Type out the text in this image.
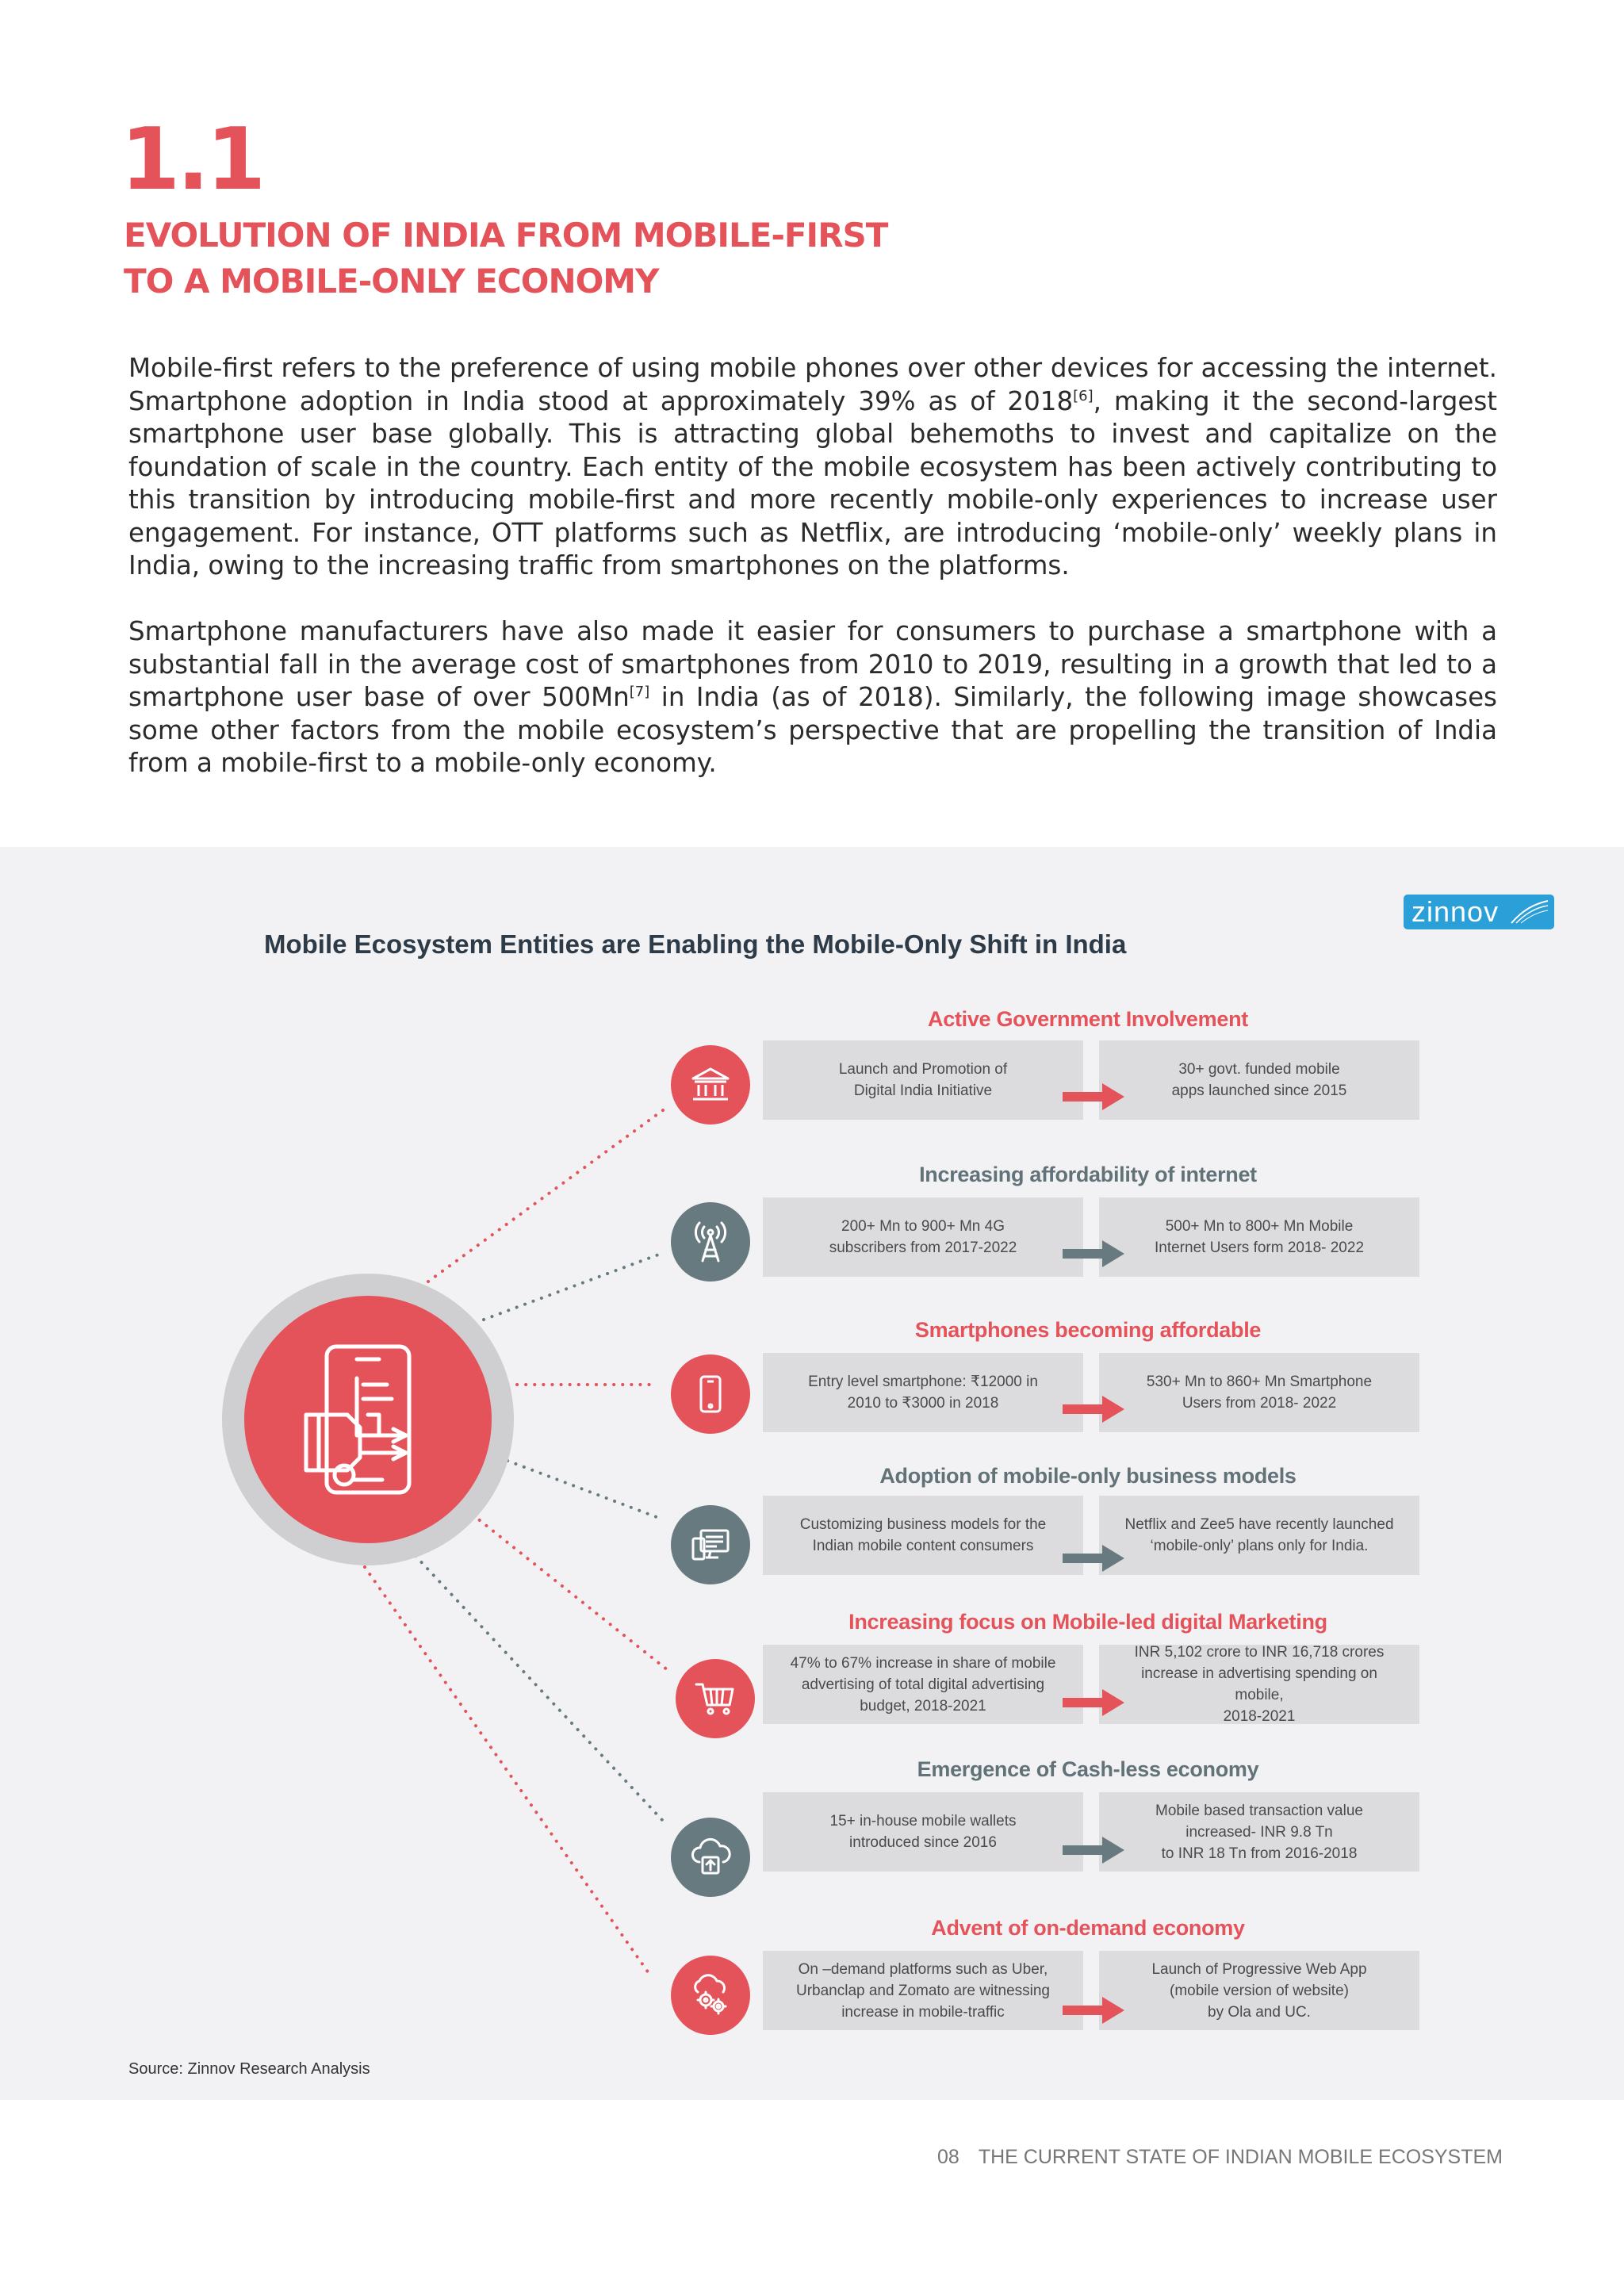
1.1
EVOLUTION OF INDIA FROM MOBILE-FIRST
TO A MOBILE-ONLY ECONOMY

Mobile-first refers to the preference of using mobile phones over other devices for accessing the internet. Smartphone adoption in India stood at approximately 39% as of 2018[6], making it the second-largest smartphone user base globally. This is attracting global behemoths to invest and capitalize on the foundation of scale in the country. Each entity of the mobile ecosystem has been actively contributing to this transition by introducing mobile-first and more recently mobile-only experiences to increase user engagement. For instance, OTT platforms such as Netflix, are introducing ‘mobile-only’ weekly plans in India, owing to the increasing traffic from smartphones on the platforms.

Smartphone manufacturers have also made it easier for consumers to purchase a smartphone with a substantial fall in the average cost of smartphones from 2010 to 2019, resulting in a growth that led to a smartphone user base of over 500Mn[7] in India (as of 2018). Similarly, the following image showcases some other factors from the mobile ecosystem’s perspective that are propelling the transition of India from a mobile-first to a mobile-only economy.

Mobile Ecosystem Entities are Enabling the Mobile-Only Shift in India
zinnov
Active Government Involvement
Launch and Promotion of
Digital India Initiative
30+ govt. funded mobile
apps launched since 2015
Increasing affordability of internet
200+ Mn to 900+ Mn 4G
subscribers from 2017-2022
500+ Mn to 800+ Mn Mobile
Internet Users form 2018- 2022
Smartphones becoming affordable
Entry level smartphone: ₹12000 in
2010 to ₹3000 in 2018
530+ Mn to 860+ Mn Smartphone
Users from 2018- 2022
Adoption of mobile-only business models
Customizing business models for the
Indian mobile content consumers
Netflix and Zee5 have recently launched
‘mobile-only’ plans only for India.
Increasing focus on Mobile-led digital Marketing
47% to 67% increase in share of mobile
advertising of total digital advertising
budget, 2018-2021
INR 5,102 crore to INR 16,718 crores
increase in advertising spending on mobile,
2018-2021
Emergence of Cash-less economy
15+ in-house mobile wallets
introduced since 2016
Mobile based transaction value
increased- INR 9.8 Tn
to INR 18 Tn from 2016-2018
Advent of on-demand economy
On –demand platforms such as Uber,
Urbanclap and Zomato are witnessing
increase in mobile-traffic
Launch of Progressive Web App
(mobile version of website)
by Ola and UC.

Source: Zinnov Research Analysis

08 THE CURRENT STATE OF INDIAN MOBILE ECOSYSTEM
